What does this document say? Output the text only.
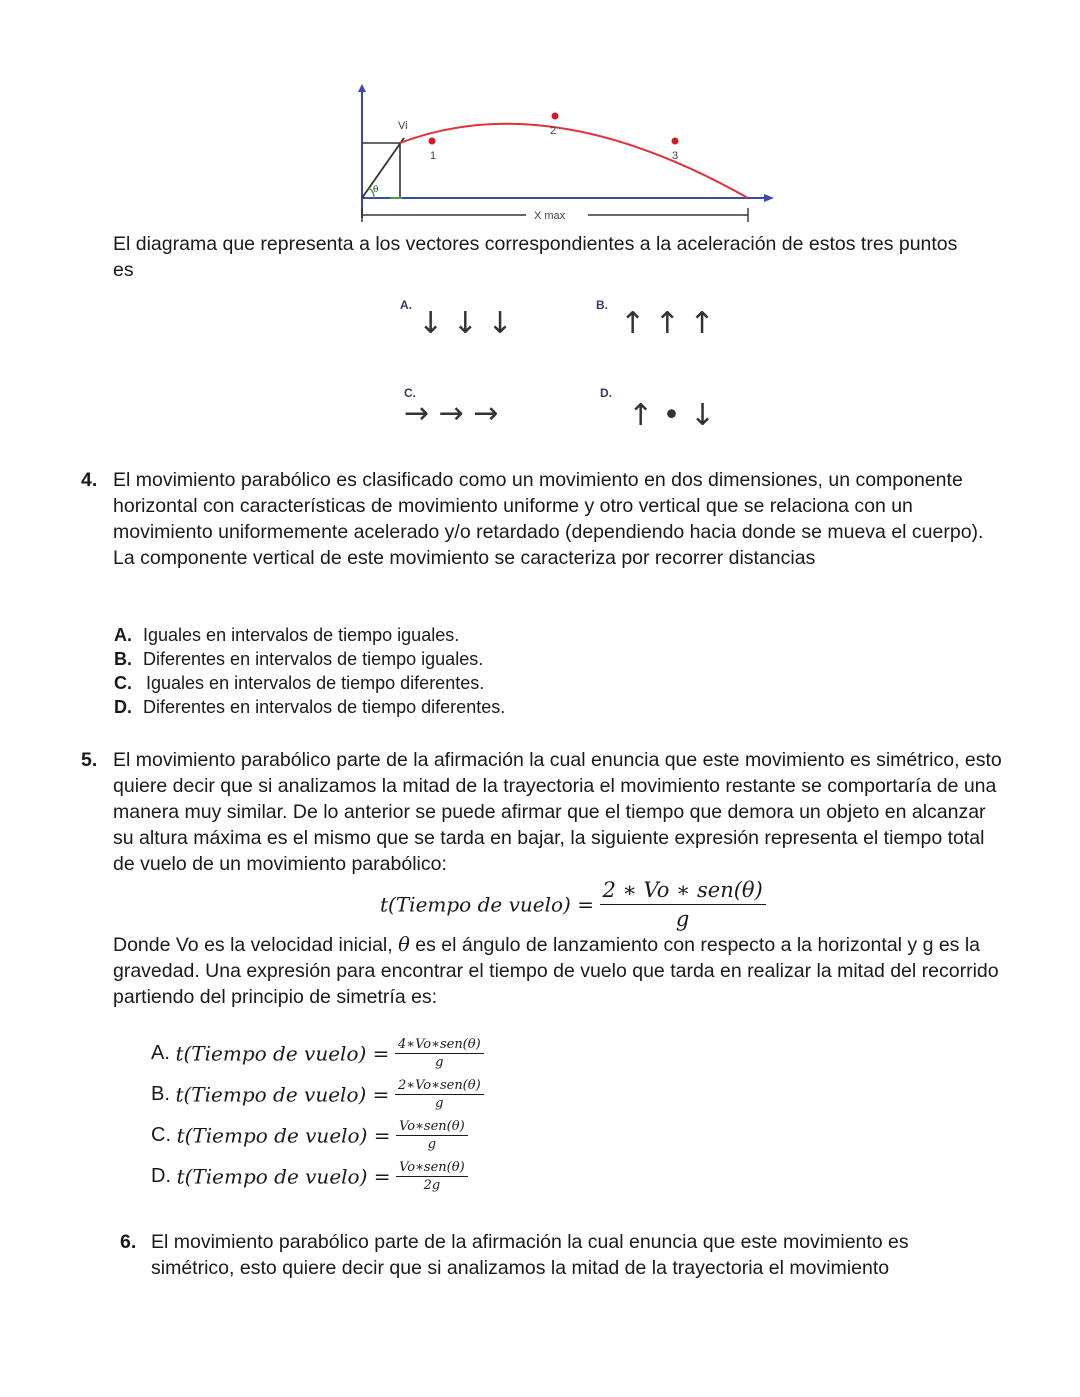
θ
Vi
1
2
3
X max
El diagrama que representa a los vectores correspondientes a la aceleración de estos tres puntos es
A.
↓ ↓ ↓
B.
↑ ↑ ↑
C.
→ → →
D.
↑ • ↓
4. El movimiento parabólico es clasificado como un movimiento en dos dimensiones, un componente horizontal con características de movimiento uniforme y otro vertical que se relaciona con un movimiento uniformemente acelerado y/o retardado (dependiendo hacia donde se mueva el cuerpo). La componente vertical de este movimiento se caracteriza por recorrer distancias
A. Iguales en intervalos de tiempo iguales.
B. Diferentes en intervalos de tiempo iguales.
C. Iguales en intervalos de tiempo diferentes.
D. Diferentes en intervalos de tiempo diferentes.
5. El movimiento parabólico parte de la afirmación la cual enuncia que este movimiento es simétrico, esto quiere decir que si analizamos la mitad de la trayectoria el movimiento restante se comportaría de una manera muy similar. De lo anterior se puede afirmar que el tiempo que demora un objeto en alcanzar su altura máxima es el mismo que se tarda en bajar, la siguiente expresión representa el tiempo total de vuelo de un movimiento parabólico:
t(Tiempo de vuelo) = $\frac{\text{2 ∗ Vo ∗ sen(θ)}}{g}$
Donde Vo es la velocidad inicial, θ es el ángulo de lanzamiento con respecto a la horizontal y g es la gravedad. Una expresión para encontrar el tiempo de vuelo que tarda en realizar la mitad del recorrido partiendo del principio de simetría es:
A. t(Tiempo de vuelo) = $\frac{\text{4∗Vo∗sen(θ)}}{g}$
B. t(Tiempo de vuelo) = $\frac{\text{2∗Vo∗sen(θ)}}{g}$
C. t(Tiempo de vuelo) = $\frac{\text{Vo∗sen(θ)}}{g}$
D. t(Tiempo de vuelo) = $\frac{\text{Vo∗sen(θ)}}{2g}$
6. El movimiento parabólico parte de la afirmación la cual enuncia que este movimiento es simétrico, esto quiere decir que si analizamos la mitad de la trayectoria el movimiento
